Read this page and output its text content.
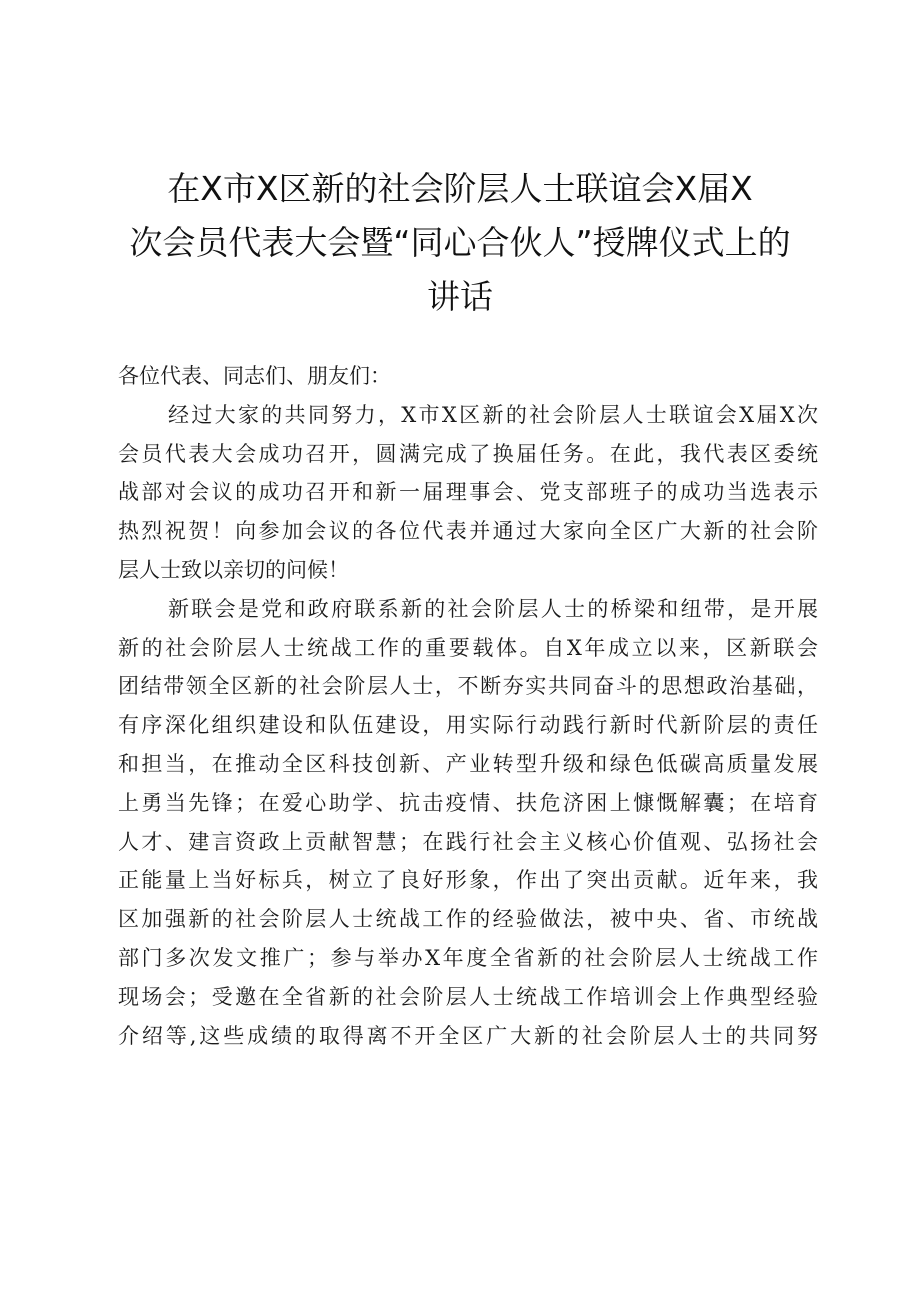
在X市X区新的社会阶层人士联谊会X届X
次会员代表大会暨“同心合伙人”授牌仪式上的
讲话
各位代表、同志们、朋友们：
经过大家的共同努力，X市X区新的社会阶层人士联谊会X届X次
会员代表大会成功召开，圆满完成了换届任务。在此，我代表区委统
战部对会议的成功召开和新一届理事会、党支部班子的成功当选表示
热烈祝贺！向参加会议的各位代表并通过大家向全区广大新的社会阶
层人士致以亲切的问候！
新联会是党和政府联系新的社会阶层人士的桥梁和纽带，是开展
新的社会阶层人士统战工作的重要载体。自X年成立以来，区新联会
团结带领全区新的社会阶层人士，不断夯实共同奋斗的思想政治基础，
有序深化组织建设和队伍建设，用实际行动践行新时代新阶层的责任
和担当，在推动全区科技创新、产业转型升级和绿色低碳高质量发展
上勇当先锋；在爱心助学、抗击疫情、扶危济困上慷慨解囊；在培育
人才、建言资政上贡献智慧；在践行社会主义核心价值观、弘扬社会
正能量上当好标兵，树立了良好形象，作出了突出贡献。近年来，我
区加强新的社会阶层人士统战工作的经验做法，被中央、省、市统战
部门多次发文推广；参与举办X年度全省新的社会阶层人士统战工作
现场会；受邀在全省新的社会阶层人士统战工作培训会上作典型经验
介绍等,这些成绩的取得离不开全区广大新的社会阶层人士的共同努
